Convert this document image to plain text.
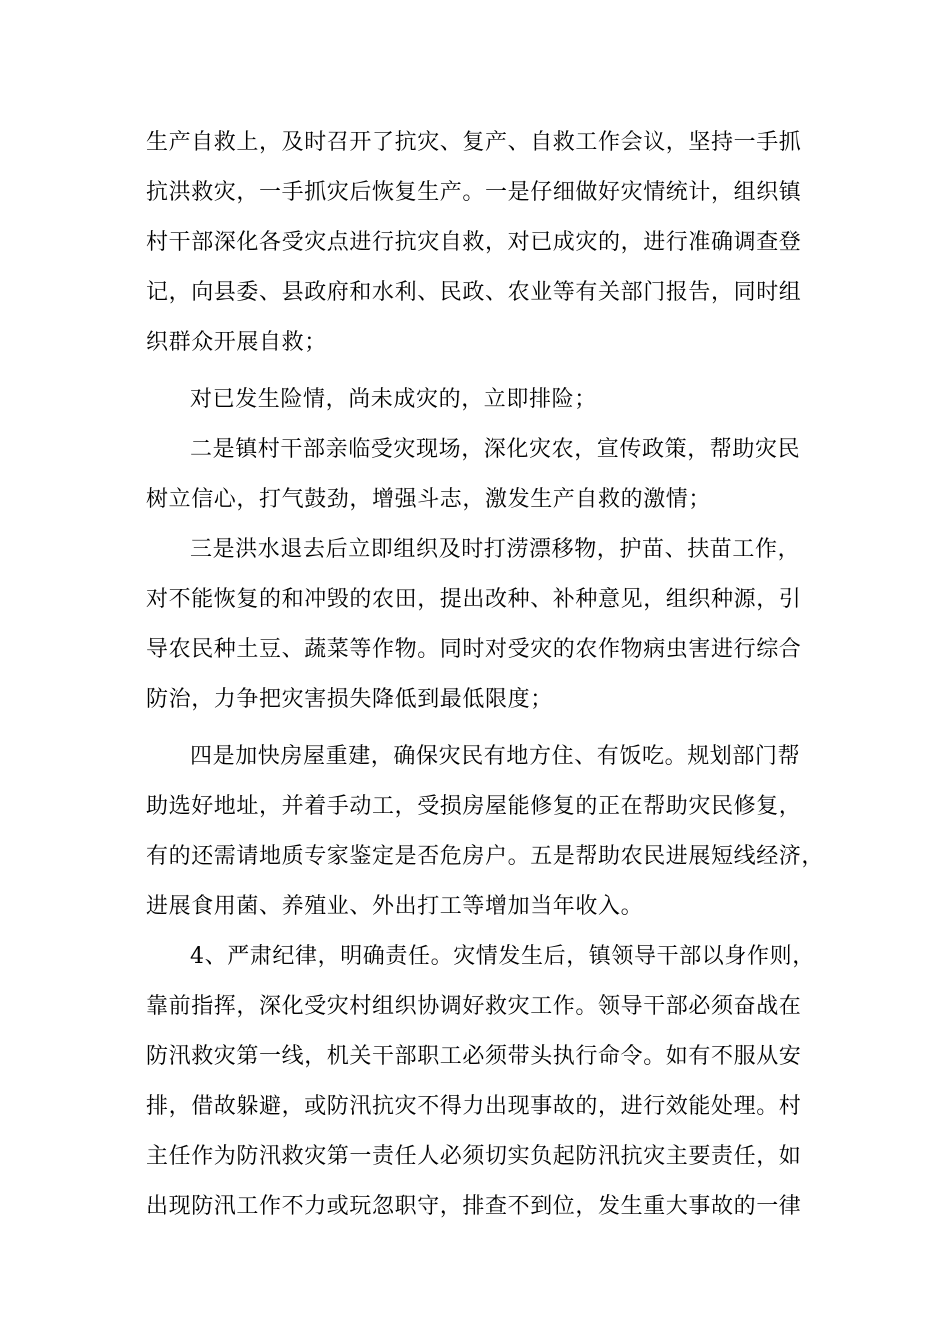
生产自救上，及时召开了抗灾、复产、自救工作会议，坚持一手抓
抗洪救灾，一手抓灾后恢复生产。一是仔细做好灾情统计，组织镇
村干部深化各受灾点进行抗灾自救，对已成灾的，进行准确调查登
记，向县委、县政府和水利、民政、农业等有关部门报告，同时组
织群众开展自救；
对已发生险情，尚未成灾的，立即排险；
二是镇村干部亲临受灾现场，深化灾农，宣传政策，帮助灾民
树立信心，打气鼓劲，增强斗志，激发生产自救的激情；
三是洪水退去后立即组织及时打涝漂移物，护苗、扶苗工作，
对不能恢复的和冲毁的农田，提出改种、补种意见，组织种源，引
导农民种土豆、蔬菜等作物。同时对受灾的农作物病虫害进行综合
防治，力争把灾害损失降低到最低限度；
四是加快房屋重建，确保灾民有地方住、有饭吃。规划部门帮
助选好地址，并着手动工，受损房屋能修复的正在帮助灾民修复，
有的还需请地质专家鉴定是否危房户。五是帮助农民进展短线经济，
进展食用菌、养殖业、外出打工等增加当年收入。
4、严肃纪律，明确责任。灾情发生后，镇领导干部以身作则，
靠前指挥，深化受灾村组织协调好救灾工作。领导干部必须奋战在
防汛救灾第一线，机关干部职工必须带头执行命令。如有不服从安
排，借故躲避，或防汛抗灾不得力出现事故的，进行效能处理。村
主任作为防汛救灾第一责任人必须切实负起防汛抗灾主要责任，如
出现防汛工作不力或玩忽职守，排查不到位，发生重大事故的一律
